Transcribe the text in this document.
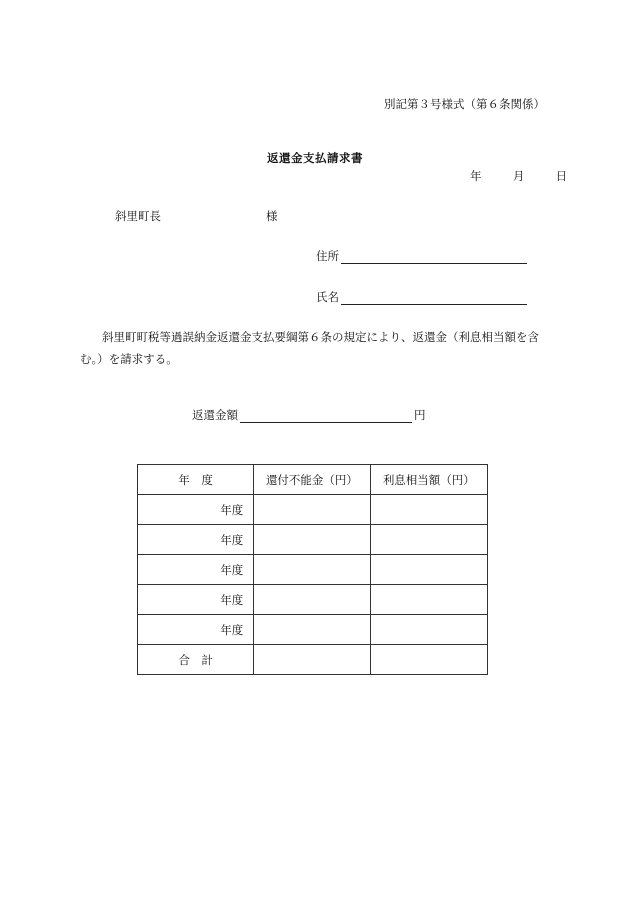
別記第３号様式（第６条関係）
返還金支払請求書
年	月	日
斜里町長	様
住所
氏名
斜里町町税等過誤納金返還金支払要綱第６条の規定により、返還金（利息相当額を含む。）を請求する。
返還金額	円
年　度	還付不能金（円）	利息相当額（円）
年度		
年度		
年度		
年度		
年度		
合　計		
